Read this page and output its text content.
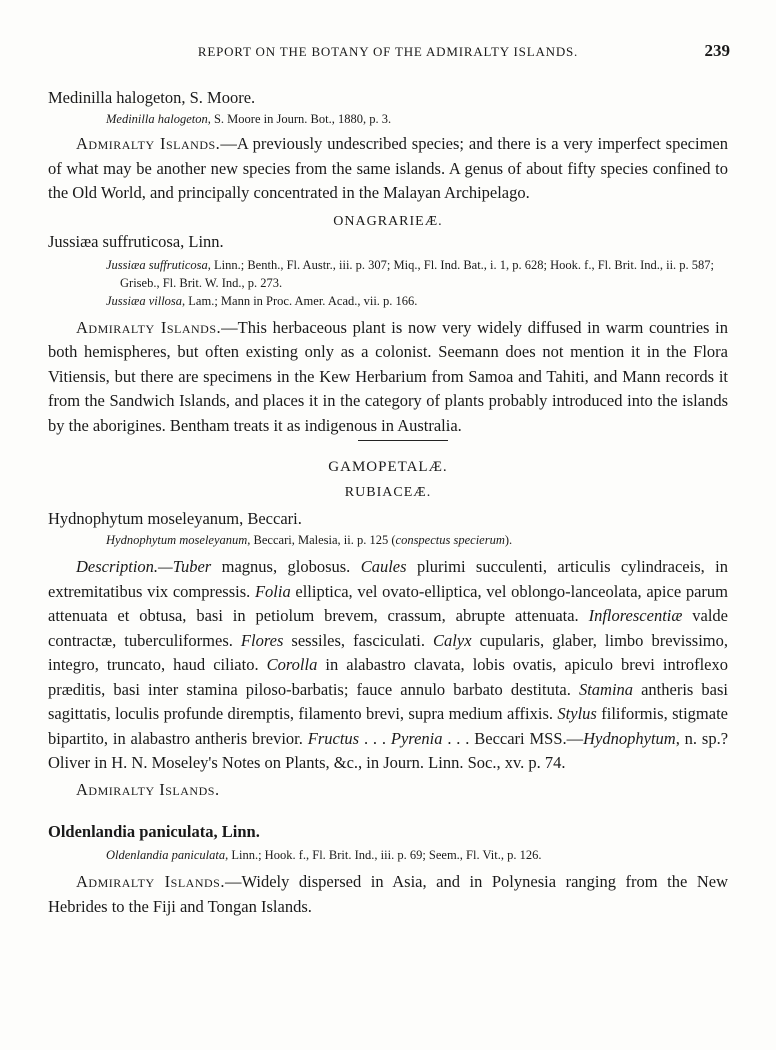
REPORT ON THE BOTANY OF THE ADMIRALTY ISLANDS.	239

Medinilla halogeton, S. Moore.

Medinilla halogeton, S. Moore in Journ. Bot., 1880, p. 3.

Admiralty Islands.—A previously undescribed species; and there is a very imperfect specimen of what may be another new species from the same islands. A genus of about fifty species confined to the Old World, and principally concentrated in the Malayan Archipelago.

ONAGRARIEÆ.

Jussiæa suffruticosa, Linn.

Jussiæa suffruticosa, Linn.; Benth., Fl. Austr., iii. p. 307; Miq., Fl. Ind. Bat., i. 1, p. 628; Hook. f., Fl. Brit. Ind., ii. p. 587; Griseb., Fl. Brit. W. Ind., p. 273.

Jussiæa villosa, Lam.; Mann in Proc. Amer. Acad., vii. p. 166.

Admiralty Islands.—This herbaceous plant is now very widely diffused in warm countries in both hemispheres, but often existing only as a colonist. Seemann does not mention it in the Flora Vitiensis, but there are specimens in the Kew Herbarium from Samoa and Tahiti, and Mann records it from the Sandwich Islands, and places it in the category of plants probably introduced into the islands by the aborigines. Bentham treats it as indigenous in Australia.

GAMOPETALÆ.

RUBIACEÆ.

Hydnophytum moseleyanum, Beccari.

Hydnophytum moseleyanum, Beccari, Malesia, ii. p. 125 (conspectus specierum).

Description.—Tuber magnus, globosus. Caules plurimi succulenti, articulis cylindraceis, in extremitatibus vix compressis. Folia elliptica, vel ovato-elliptica, vel oblongo-lanceolata, apice parum attenuata et obtusa, basi in petiolum brevem, crassum, abrupte attenuata. Inflorescentiæ valde contractæ, tuberculiformes. Flores sessiles, fasciculati. Calyx cupularis, glaber, limbo brevissimo, integro, truncato, haud ciliato. Corolla in alabastro clavata, lobis ovatis, apiculo brevi introflexo præditis, basi inter stamina piloso-barbatis; fauce annulo barbato destituta. Stamina antheris basi sagittatis, loculis profunde diremptis, filamento brevi, supra medium affixis. Stylus filiformis, stigmate bipartito, in alabastro antheris brevior. Fructus . . . Pyrenia . . . Beccari MSS.—Hydnophytum, n. sp.? Oliver in H. N. Moseley's Notes on Plants, &c., in Journ. Linn. Soc., xv. p. 74.

Admiralty Islands.

Oldenlandia paniculata, Linn.

Oldenlandia paniculata, Linn.; Hook. f., Fl. Brit. Ind., iii. p. 69; Seem., Fl. Vit., p. 126.

Admiralty Islands.—Widely dispersed in Asia, and in Polynesia ranging from the New Hebrides to the Fiji and Tongan Islands.
